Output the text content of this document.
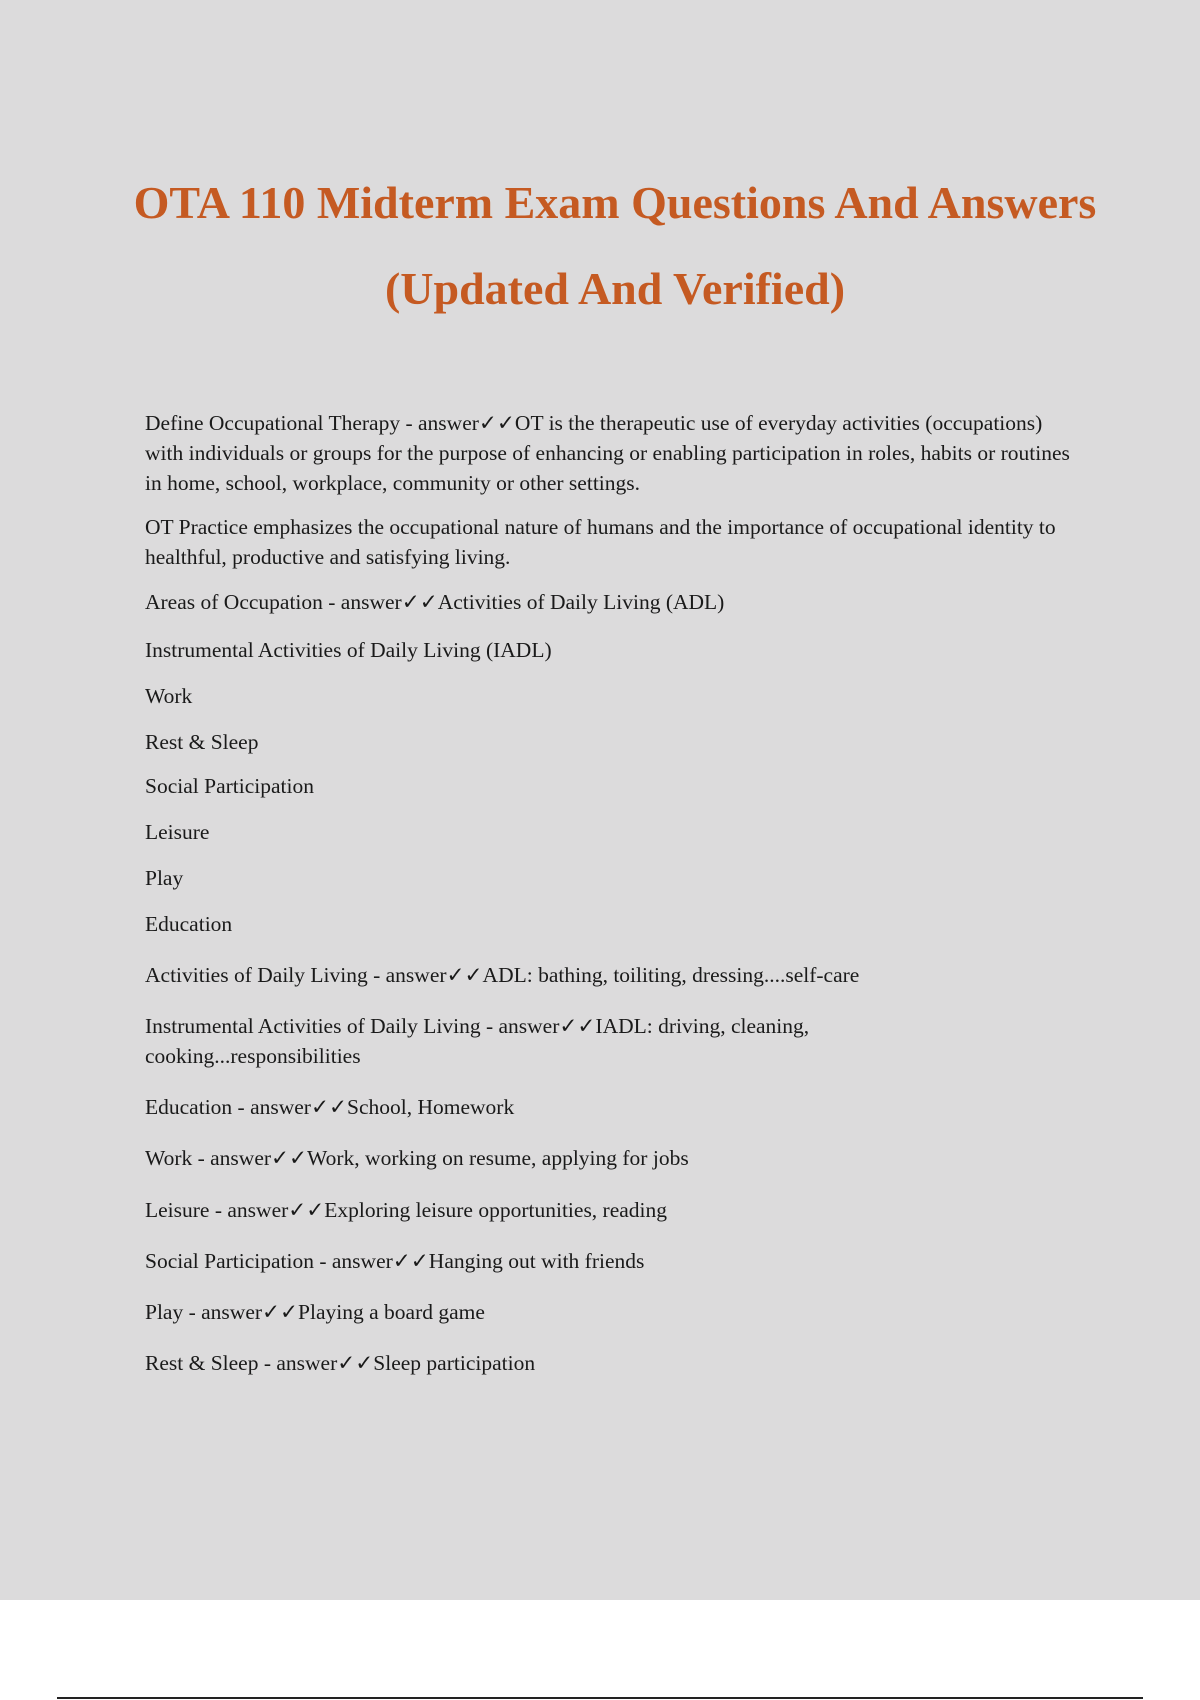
OTA 110 Midterm Exam Questions And Answers (Updated And Verified)

Define Occupational Therapy - answer✓✓OT is the therapeutic use of everyday activities (occupations) with individuals or groups for the purpose of enhancing or enabling participation in roles, habits or routines in home, school, workplace, community or other settings.

OT Practice emphasizes the occupational nature of humans and the importance of occupational identity to healthful, productive and satisfying living.

Areas of Occupation - answer✓✓Activities of Daily Living (ADL)

Instrumental Activities of Daily Living (IADL)

Work

Rest & Sleep

Social Participation

Leisure

Play

Education

Activities of Daily Living - answer✓✓ADL: bathing, toiliting, dressing....self-care

Instrumental Activities of Daily Living - answer✓✓IADL: driving, cleaning, cooking...responsibilities

Education - answer✓✓School, Homework

Work - answer✓✓Work, working on resume, applying for jobs

Leisure - answer✓✓Exploring leisure opportunities, reading

Social Participation - answer✓✓Hanging out with friends

Play - answer✓✓Playing a board game

Rest & Sleep - answer✓✓Sleep participation
